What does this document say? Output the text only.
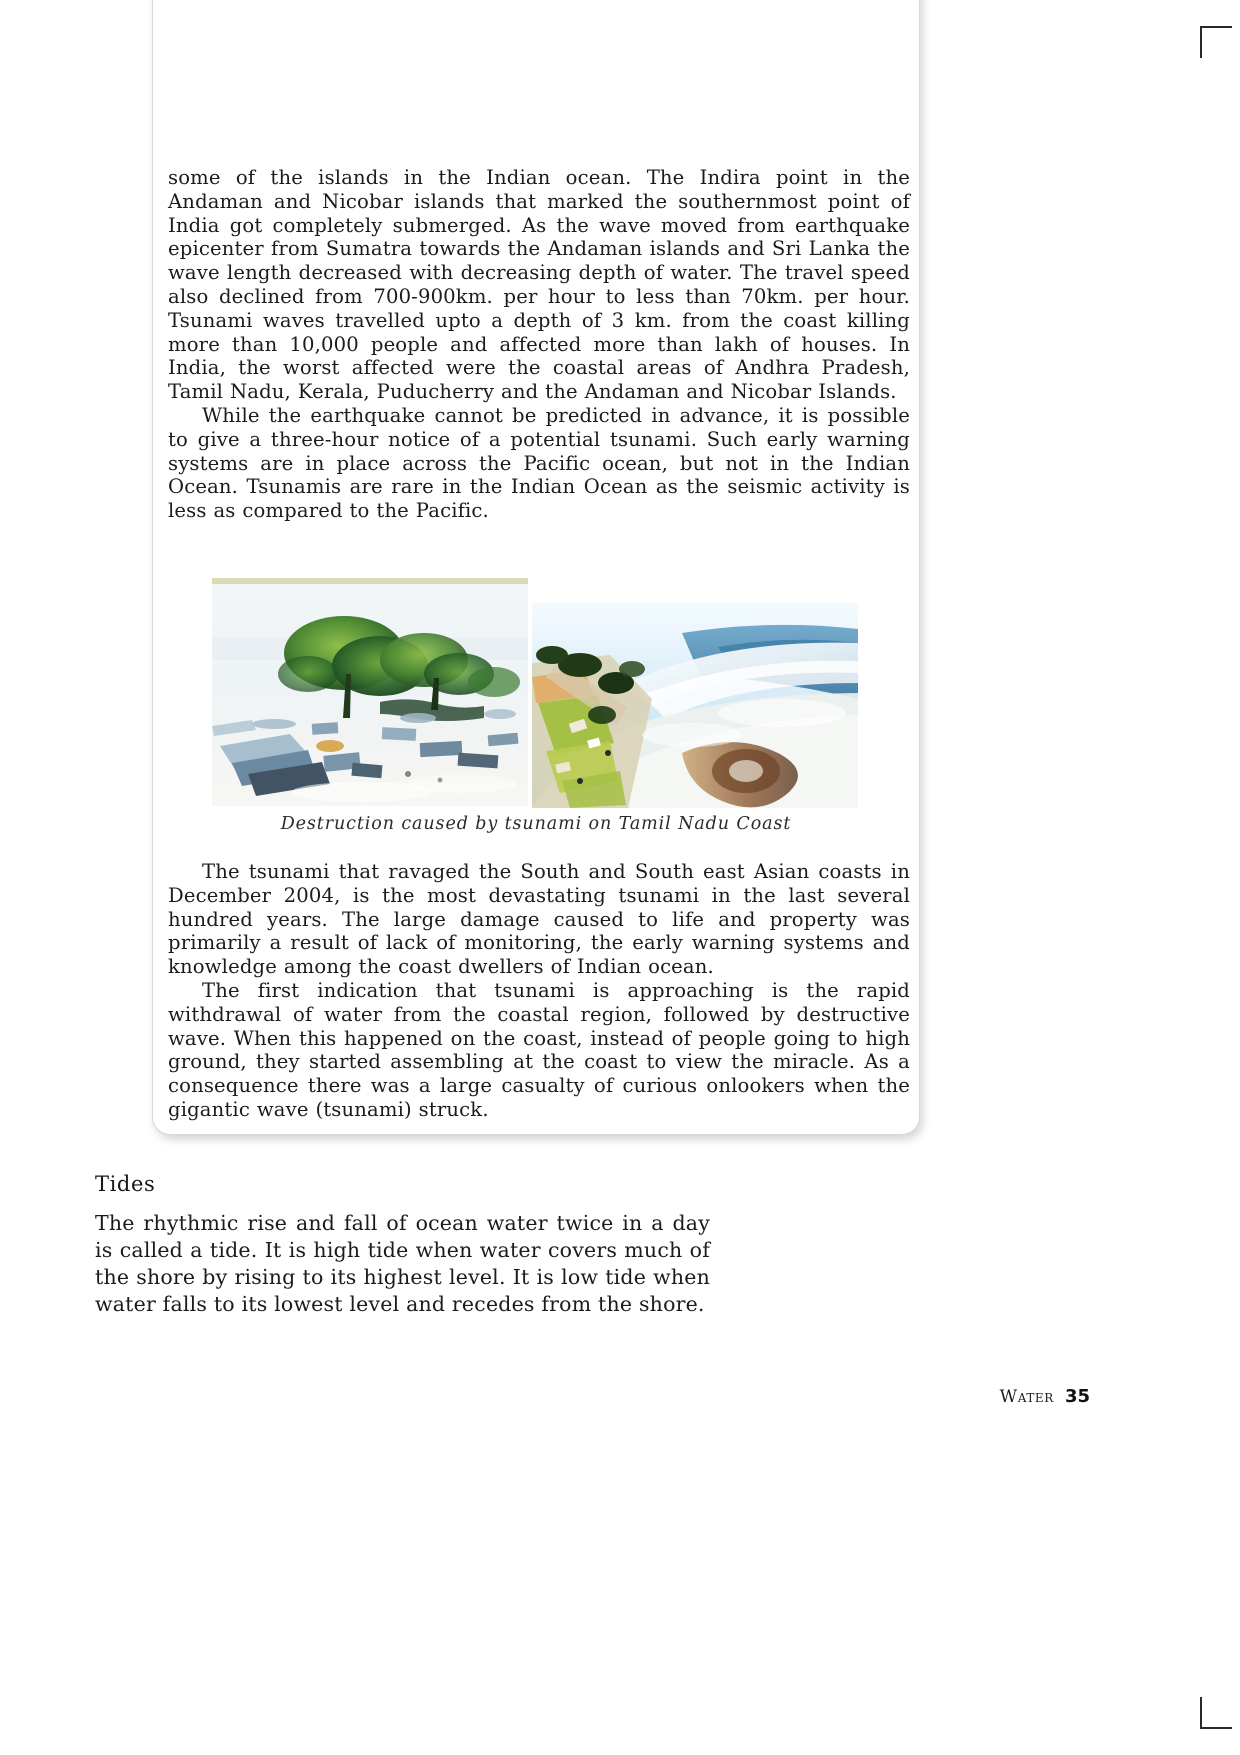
some of the islands in the Indian ocean. The Indira point in the Andaman and Nicobar islands that marked the southernmost point of India got completely submerged. As the wave moved from earthquake epicenter from Sumatra towards the Andaman islands and Sri Lanka the wave length decreased with decreasing depth of water. The travel speed also declined from 700-900km. per hour to less than 70km. per hour. Tsunami waves travelled upto a depth of 3 km. from the coast killing more than 10,000 people and affected more than lakh of houses. In India, the worst affected were the coastal areas of Andhra Pradesh, Tamil Nadu, Kerala, Puducherry and the Andaman and Nicobar Islands.

While the earthquake cannot be predicted in advance, it is possible to give a three-hour notice of a potential tsunami. Such early warning systems are in place across the Pacific ocean, but not in the Indian Ocean. Tsunamis are rare in the Indian Ocean as the seismic activity is less as compared to the Pacific.

Destruction caused by tsunami on Tamil Nadu Coast

The tsunami that ravaged the South and South east Asian coasts in December 2004, is the most devastating tsunami in the last several hundred years. The large damage caused to life and property was primarily a result of lack of monitoring, the early warning systems and knowledge among the coast dwellers of Indian ocean.

The first indication that tsunami is approaching is the rapid withdrawal of water from the coastal region, followed by destructive wave. When this happened on the coast, instead of people going to high ground, they started assembling at the coast to view the miracle. As a consequence there was a large casualty of curious onlookers when the gigantic wave (tsunami) struck.

Tides

The rhythmic rise and fall of ocean water twice in a day is called a tide. It is high tide when water covers much of the shore by rising to its highest level. It is low tide when water falls to its lowest level and recedes from the shore.

Water 35
